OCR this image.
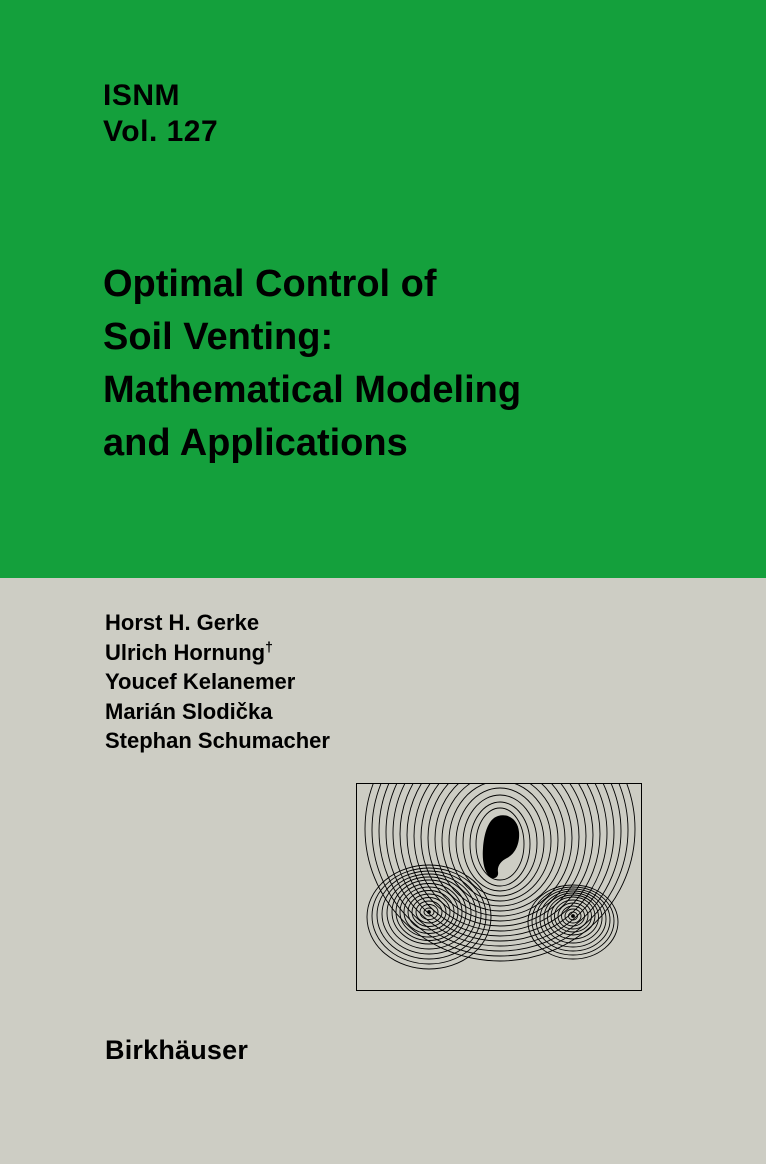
ISNM
Vol. 127
Optimal Control of
Soil Venting:
Mathematical Modeling
and Applications
Horst H. Gerke
Ulrich Hornung†
Youcef Kelanemer
Marián Slodička
Stephan Schumacher
Birkhäuser
